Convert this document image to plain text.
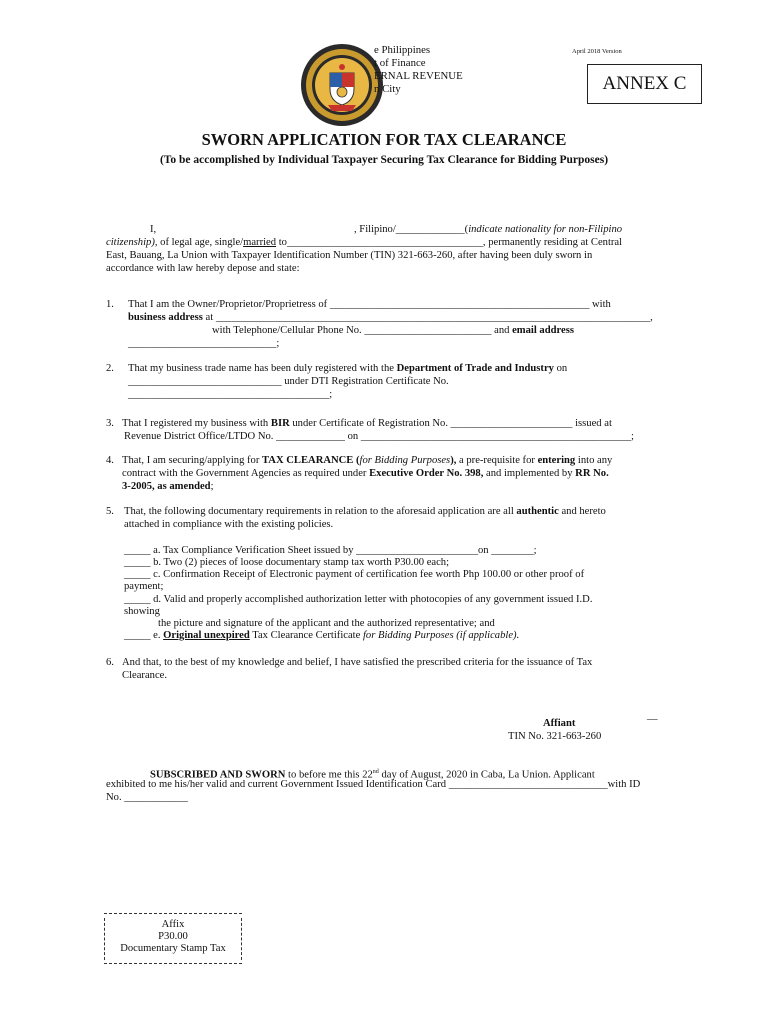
e Philippines
t of Finance
ERNAL REVENUE
n City
April 2018 Version
ANNEX C
SWORN APPLICATION FOR TAX CLEARANCE
(To be accomplished by Individual Taxpayer Securing Tax Clearance for Bidding Purposes)
I,	, Filipino/_____________(indicate nationality for non-Filipino
citizenship), of legal age, single/married to_____________________________________, permanently residing at Central
East, Bauang, La Union with Taxpayer Identification Number (TIN) 321-663-260, after having been duly sworn in
accordance with law hereby depose and state:
1. That I am the Owner/Proprietor/Proprietress of _________________________________________________ with
business address at __________________________________________________________________________________,
with Telephone/Cellular Phone No. ________________________ and email address
____________________________;
2. That my business trade name has been duly registered with the Department of Trade and Industry on
_____________________________ under DTI Registration Certificate No.
______________________________________;
3. That I registered my business with BIR under Certificate of Registration No. _______________________ issued at
Revenue District Office/LTDO No. _____________ on ___________________________________________________;
4. That, I am securing/applying for TAX CLEARANCE (for Bidding Purposes), a pre-requisite for entering into any
contract with the Government Agencies as required under Executive Order No. 398, and implemented by RR No.
3-2005, as amended;
5. That, the following documentary requirements in relation to the aforesaid application are all authentic and hereto
attached in compliance with the existing policies.
_____ a. Tax Compliance Verification Sheet issued by _______________________on ________;
_____ b. Two (2) pieces of loose documentary stamp tax worth P30.00 each;
_____ c. Confirmation Receipt of Electronic payment of certification fee worth Php 100.00 or other proof of
payment;
_____ d. Valid and properly accomplished authorization letter with photocopies of any government issued I.D.
showing
the picture and signature of the applicant and the authorized representative; and
_____ e. Original unexpired Tax Clearance Certificate for Bidding Purposes (if applicable).
6. And that, to the best of my knowledge and belief, I have satisfied the prescribed criteria for the issuance of Tax
Clearance.
__
Affiant
TIN No. 321-663-260
SUBSCRIBED AND SWORN to before me this 22nd day of August, 2020 in Caba, La Union. Applicant
exhibited to me his/her valid and current Government Issued Identification Card ______________________________with ID
No. ____________
Affix
P30.00
Documentary Stamp Tax
